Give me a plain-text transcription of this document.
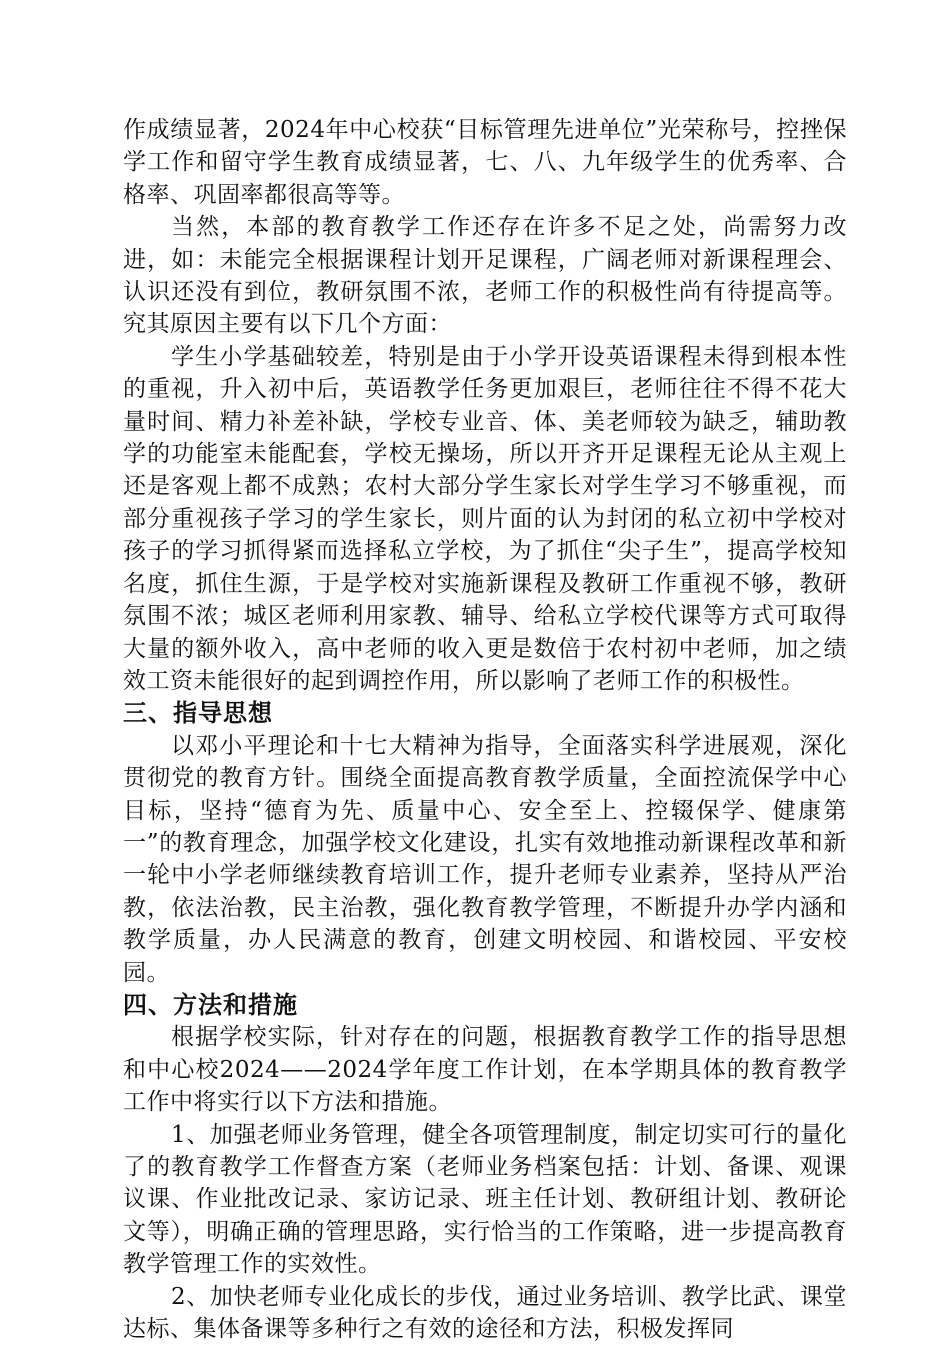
作成绩显著，2024年中心校获“目标管理先进单位”光荣称号，控挫保学工作和留守学生教育成绩显著，七、八、九年级学生的优秀率、合格率、巩固率都很高等等。

当然，本部的教育教学工作还存在许多不足之处，尚需努力改进，如：未能完全根据课程计划开足课程，广阔老师对新课程理会、认识还没有到位，教研氛围不浓，老师工作的积极性尚有待提高等。究其原因主要有以下几个方面：

学生小学基础较差，特别是由于小学开设英语课程未得到根本性的重视，升入初中后，英语教学任务更加艰巨，老师往往不得不花大量时间、精力补差补缺，学校专业音、体、美老师较为缺乏，辅助教学的功能室未能配套，学校无操场，所以开齐开足课程无论从主观上还是客观上都不成熟；农村大部分学生家长对学生学习不够重视，而部分重视孩子学习的学生家长，则片面的认为封闭的私立初中学校对孩子的学习抓得紧而选择私立学校，为了抓住“尖子生”，提高学校知名度，抓住生源，于是学校对实施新课程及教研工作重视不够，教研氛围不浓；城区老师利用家教、辅导、给私立学校代课等方式可取得大量的额外收入，高中老师的收入更是数倍于农村初中老师，加之绩效工资未能很好的起到调控作用，所以影响了老师工作的积极性。

三、指导思想

以邓小平理论和十七大精神为指导，全面落实科学进展观，深化贯彻党的教育方针。围绕全面提高教育教学质量，全面控流保学中心目标，坚持“德育为先、质量中心、安全至上、控辍保学、健康第一”的教育理念，加强学校文化建设，扎实有效地推动新课程改革和新一轮中小学老师继续教育培训工作，提升老师专业素养，坚持从严治教，依法治教，民主治教，强化教育教学管理，不断提升办学内涵和教学质量，办人民满意的教育，创建文明校园、和谐校园、平安校园。

四、方法和措施

根据学校实际，针对存在的问题，根据教育教学工作的指导思想和中心校2024——2024学年度工作计划，在本学期具体的教育教学工作中将实行以下方法和措施。

1、加强老师业务管理，健全各项管理制度，制定切实可行的量化了的教育教学工作督查方案（老师业务档案包括：计划、备课、观课议课、作业批改记录、家访记录、班主任计划、教研组计划、教研论文等），明确正确的管理思路，实行恰当的工作策略，进一步提高教育教学管理工作的实效性。

2、加快老师专业化成长的步伐，通过业务培训、教学比武、课堂达标、集体备课等多种行之有效的途径和方法，积极发挥同
